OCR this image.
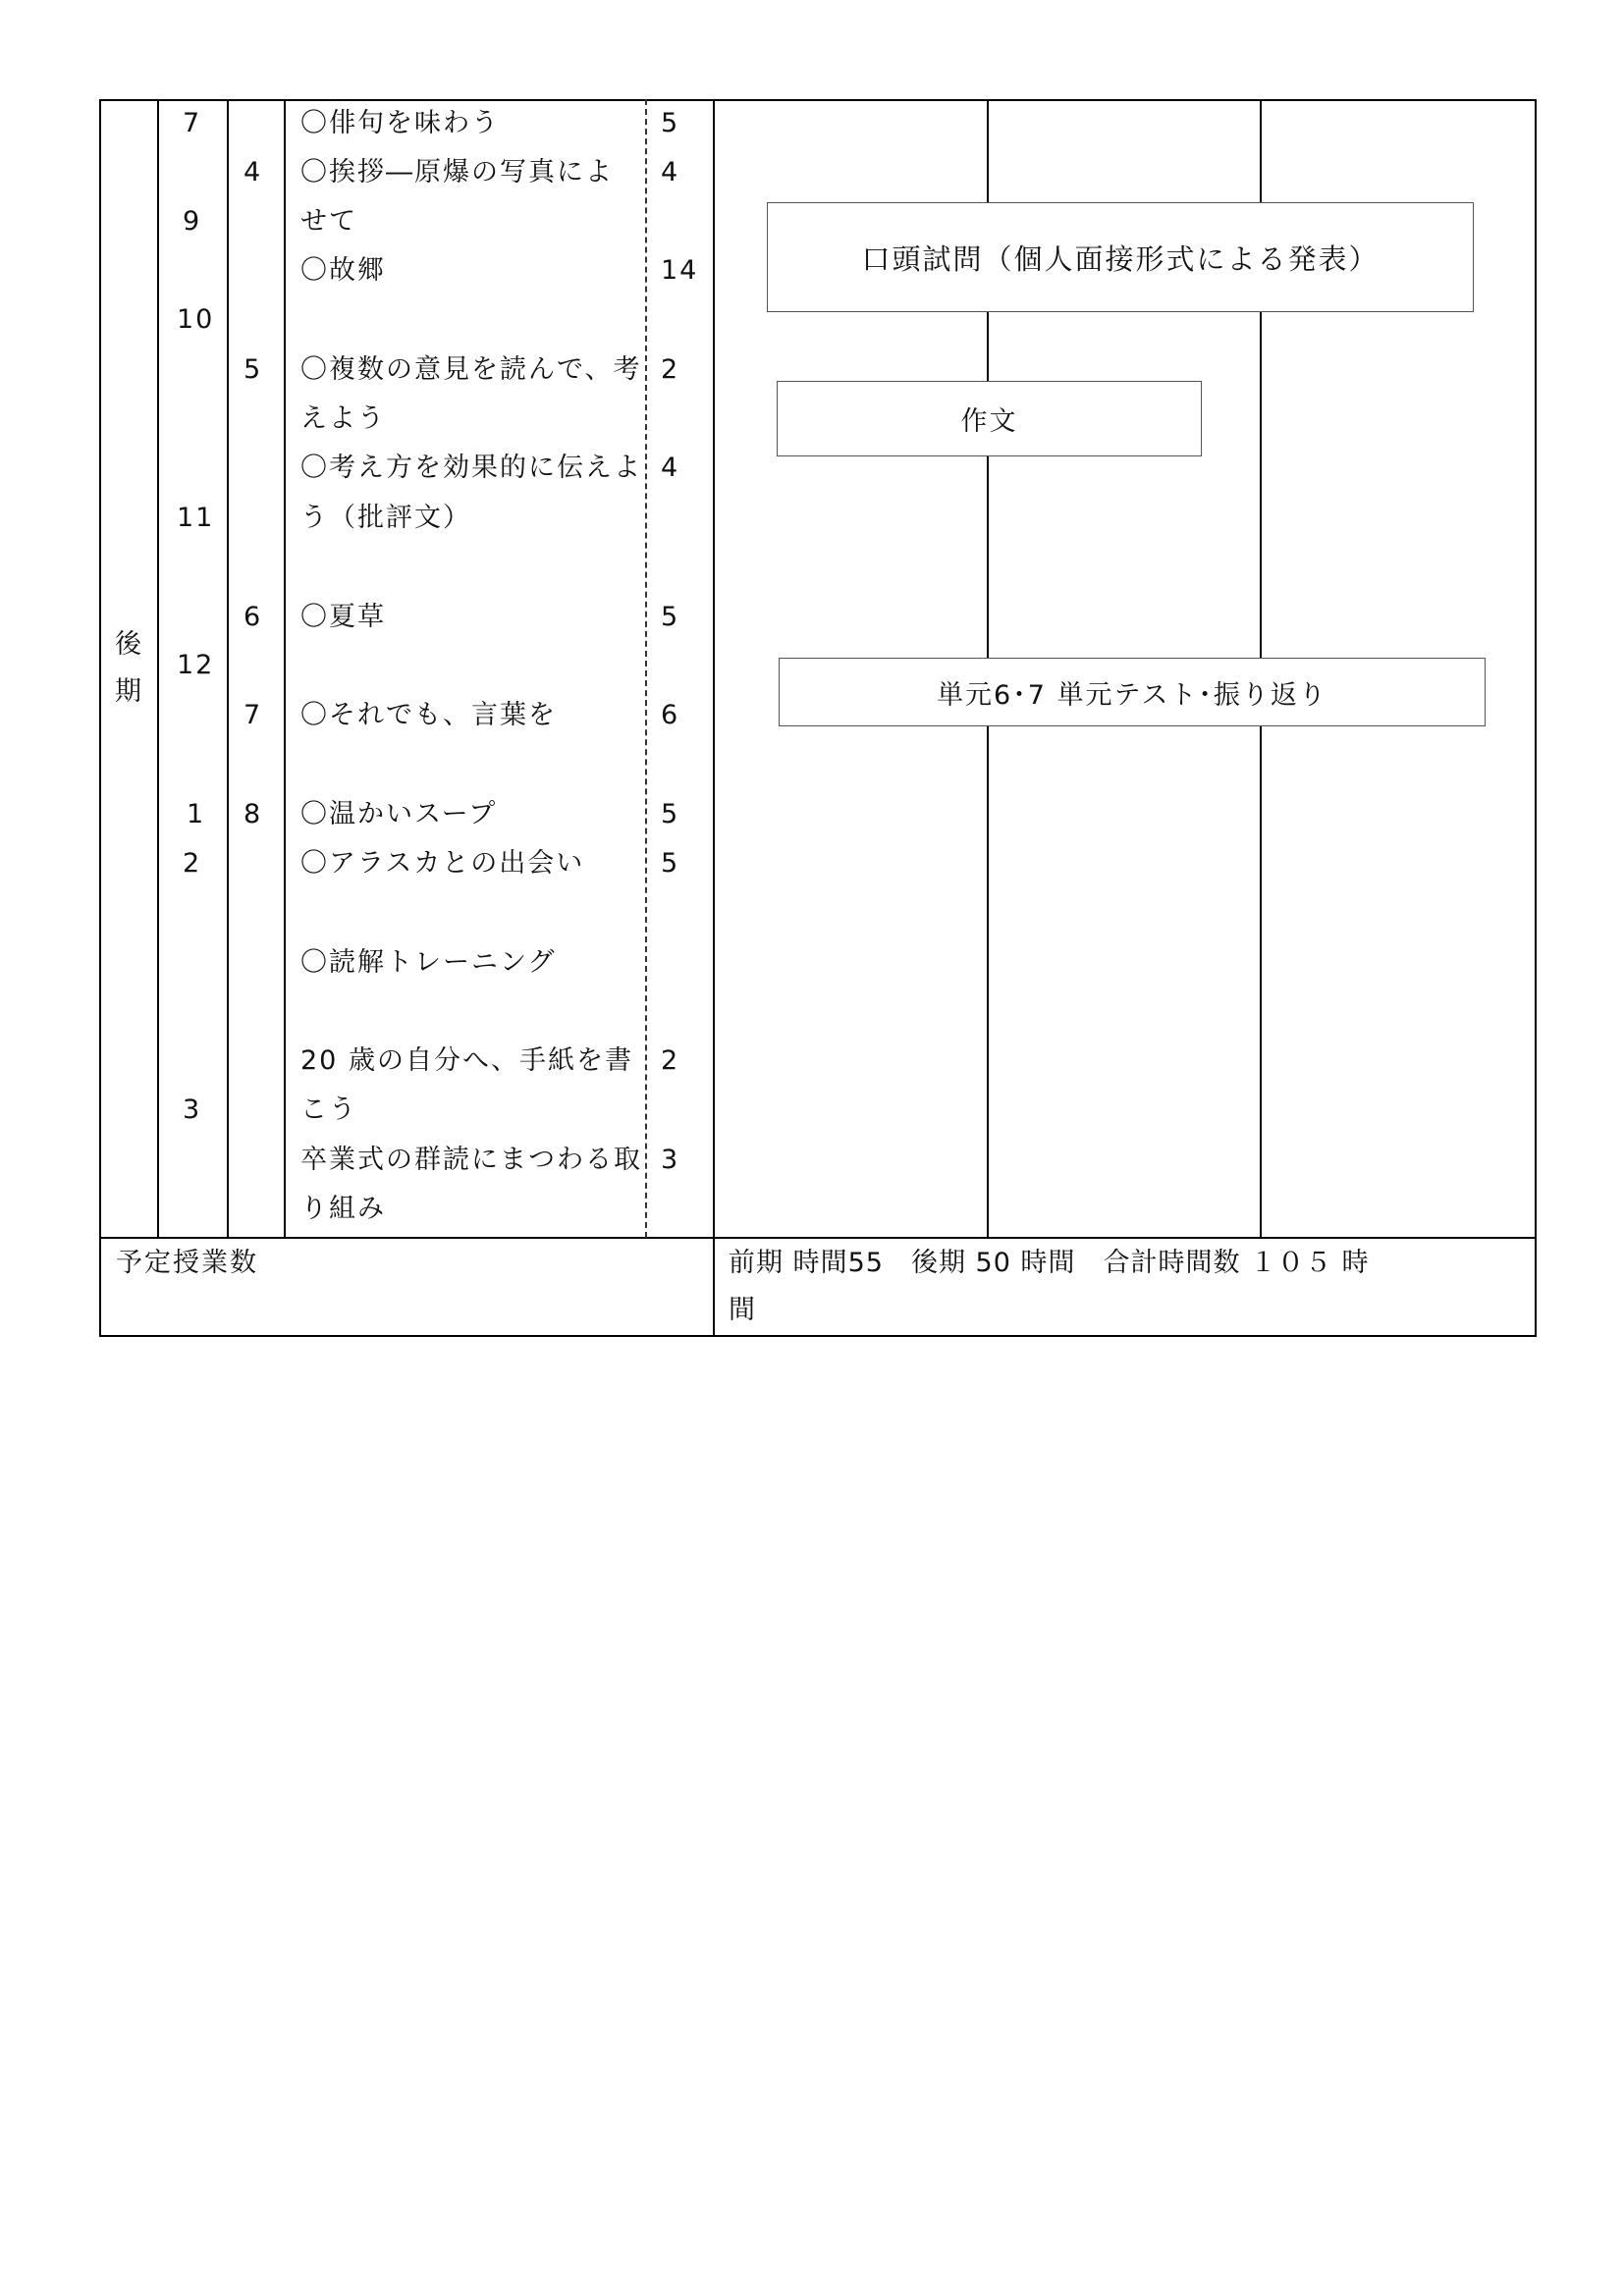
後
期
7
9
10
11
12
1
2
3
4
5
6
7
8
〇俳句を味わう
〇挨拶―原爆の写真によ
せて
〇故郷
〇複数の意見を読んで、考
えよう
〇考え方を効果的に伝えよ
う（批評文）
〇夏草
〇それでも、言葉を
〇温かいスープ
〇アラスカとの出会い
〇読解トレーニング
20 歳の自分へ、手紙を書
こう
卒業式の群読にまつわる取
り組み
5
4
14
2
4
5
6
5
5
2
3
口頭試問（個人面接形式による発表）
作文
単元6･7 単元テスト･振り返り
予定授業数	前期 時間55　後期 50 時間　合計時間数 １０５ 時
間
